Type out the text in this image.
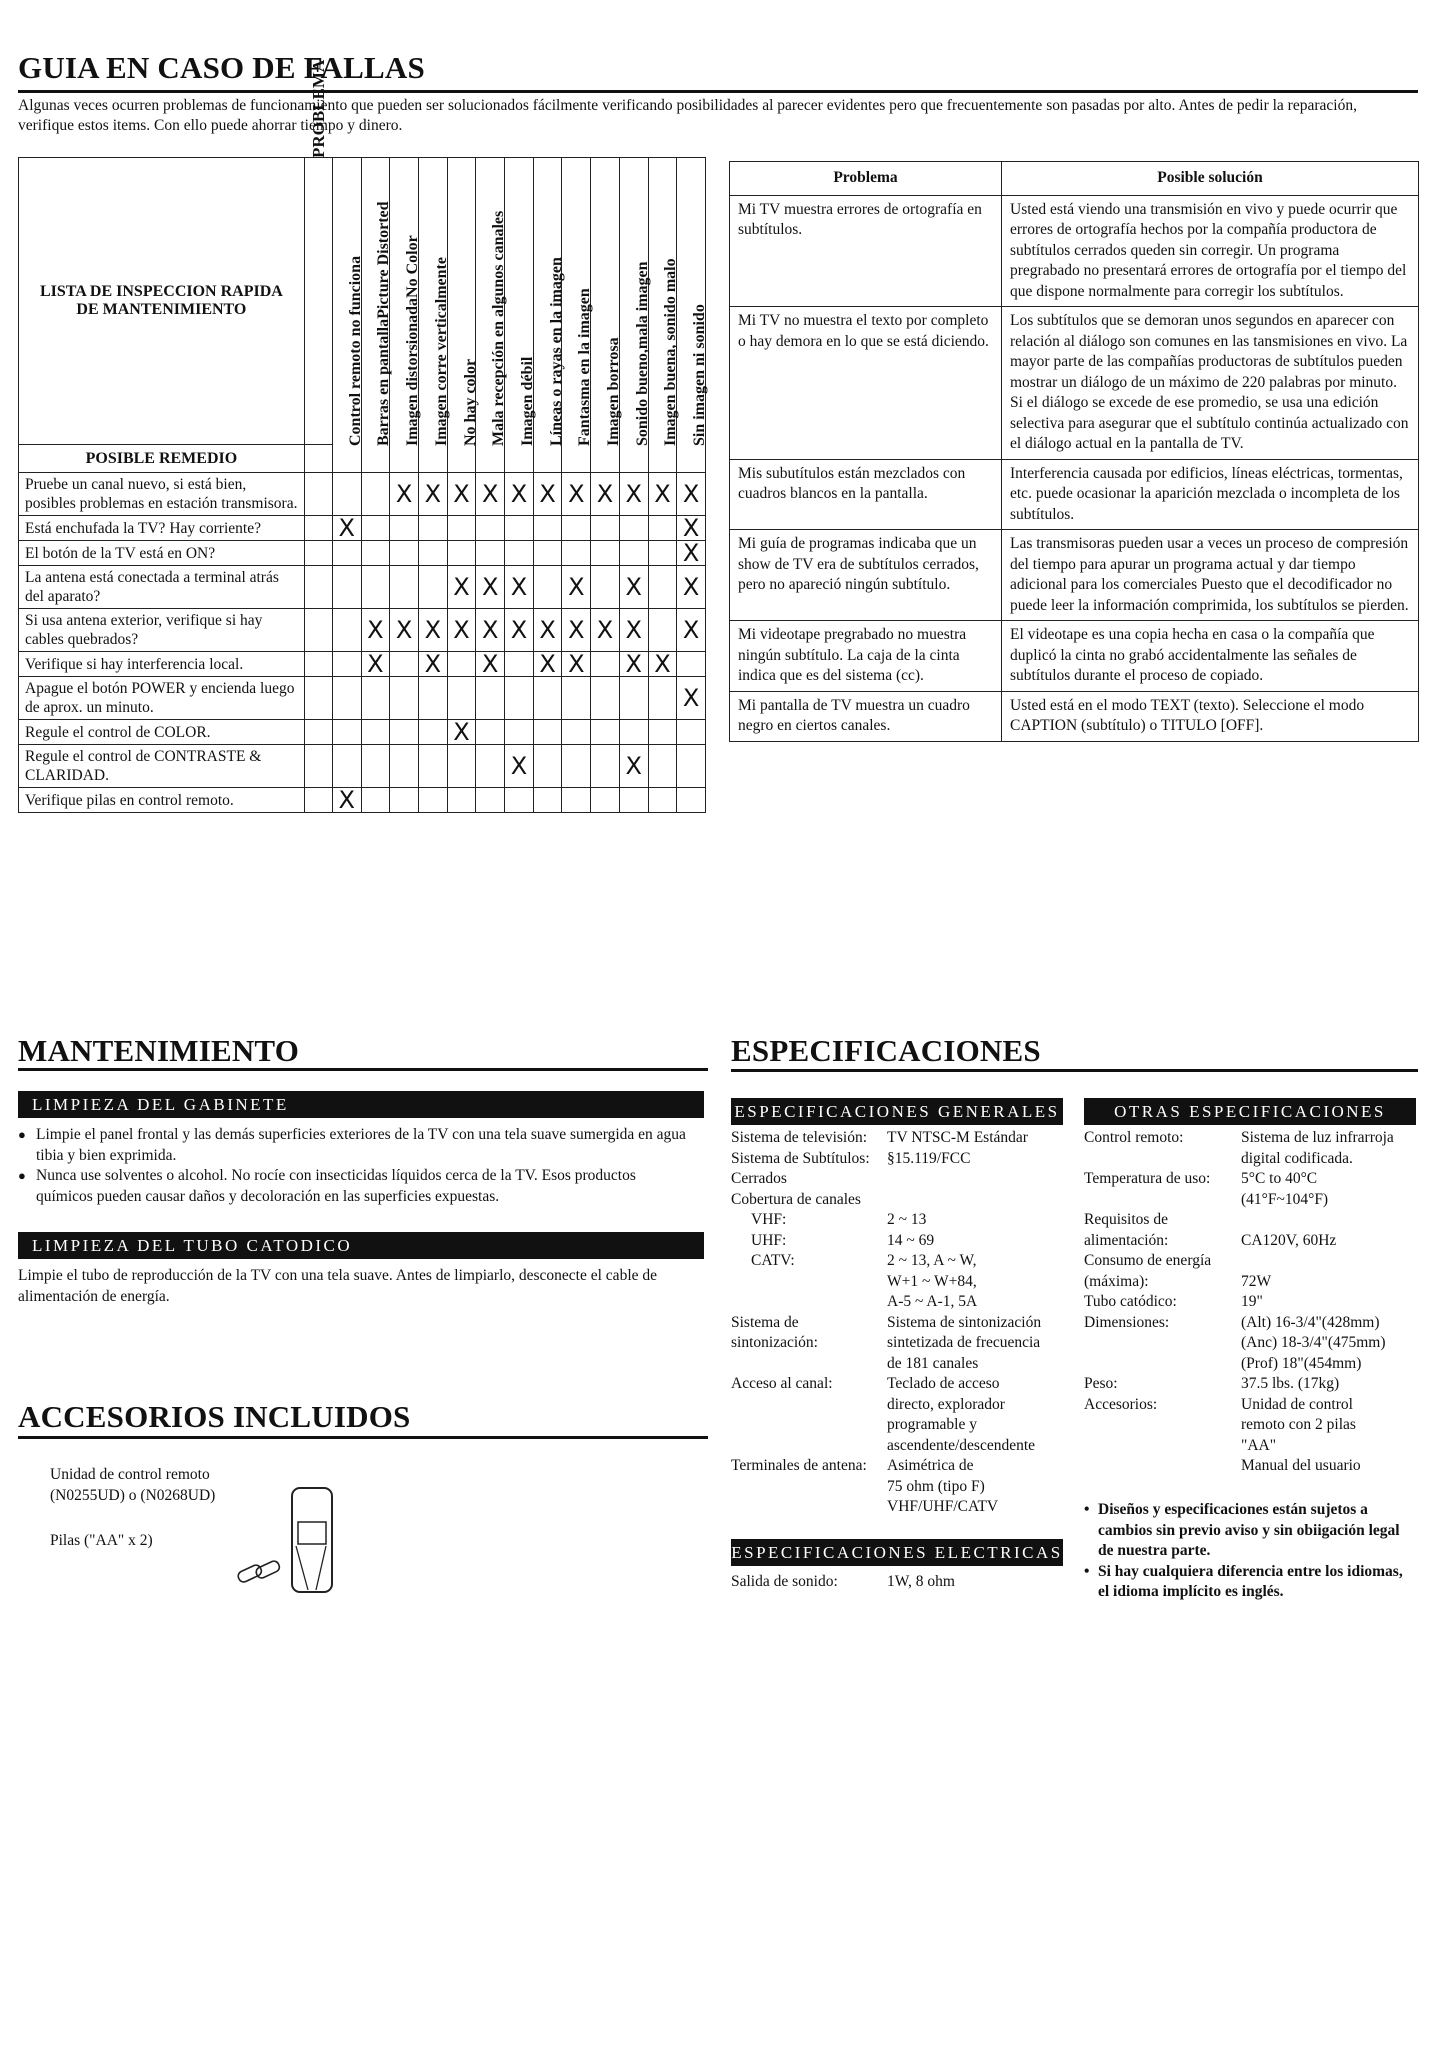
GUIA EN CASO DE FALLAS
Algunas veces ocurren problemas de funcionamiento que pueden ser solucionados fácilmente verificando posibilidades al parecer evidentes pero que frecuentemente son pasadas por alto. Antes de pedir la reparación, verifique estos items. Con ello puede ahorrar tiempo y dinero.
LISTA DE INSPECCION RAPIDA DE MANTENIMIENTO	PROBLEMA	Control remoto no funciona	Barras en pantallaPicture Distorted	Imagen distorsionadaNo Color	Imagen corre verticalmente	No hay color	Mala recepción en algunos canales	Imagen débil	Líneas o rayas en la imagen	Fantasma en la imagen	Imagen borrosa	Sonido bueno,mala imagen	Imagen buena, sonido malo	Sin imagen ni sonido

POSIBLE REMEDIO														
Pruebe un canal nuevo, si está bien, posibles problemas en estación transmisora.				X	X	X	X	X	X	X	X	X	X	X
Está enchufada la TV? Hay corriente?		X												X
El botón de la TV está en ON?														X
La antena está conectada a terminal atrás del aparato?						X	X	X		X		X		X
Si usa antena exterior, verifique si hay cables quebrados?			X	X	X	X	X	X	X	X	X	X		X
Verifique si hay interferencia local.			X		X		X		X	X		X	X	
Apague el botón POWER y encienda luego de aprox. un minuto.														X
Regule el control de COLOR.						X								
Regule el control de CONTRASTE & CLARIDAD.								X				X		
Verifique pilas en control remoto.		X												
Problema	Posible solución
Mi TV muestra errores de ortografía en subtítulos.	Usted está viendo una transmisión en vivo y puede ocurrir que errores de ortografía hechos por la compañía productora de subtítulos cerrados queden sin corregir. Un programa pregrabado no presentará errores de ortografía por el tiempo del que dispone normalmente para corregir los subtítulos.
Mi TV no muestra el texto por completo o hay demora en lo que se está diciendo.	Los subtítulos que se demoran unos segundos en aparecer con relación al diálogo son comunes en las tansmisiones en vivo. La mayor parte de las compañías productoras de subtítulos pueden mostrar un diálogo de un máximo de 220 palabras por minuto. Si el diálogo se excede de ese promedio, se usa una edición selectiva para asegurar que el subtítulo continúa actualizado con el diálogo actual en la pantalla de TV.
Mis subutítulos están mezclados con cuadros blancos en la pantalla.	Interferencia causada por edificios, líneas eléctricas, tormentas, etc. puede ocasionar la aparición mezclada o incompleta de los subtítulos.
Mi guía de programas indicaba que un show de TV era de subtítulos cerrados, pero no apareció ningún subtítulo.	Las transmisoras pueden usar a veces un proceso de compresión del tiempo para apurar un programa actual y dar tiempo adicional para los comerciales Puesto que el decodificador no puede leer la información comprimida, los subtítulos se pierden.
Mi videotape pregrabado no muestra ningún subtítulo. La caja de la cinta indica que es del sistema (cc).	El videotape es una copia hecha en casa o la compañía que duplicó la cinta no grabó accidentalmente las señales de subtítulos durante el proceso de copiado.
Mi pantalla de TV muestra un cuadro negro en ciertos canales.	Usted está en el modo TEXT (texto). Seleccione el modo CAPTION (subtítulo) o TITULO [OFF].
MANTENIMIENTO
LIMPIEZA DEL GABINETE
● Limpie el panel frontal y las demás superficies exteriores de la TV con una tela suave sumergida en agua tibia y bien exprimida.
● Nunca use solventes o alcohol. No rocíe con insecticidas líquidos cerca de la TV. Esos productos químicos pueden causar daños y decoloración en las superficies expuestas.
LIMPIEZA DEL TUBO CATODICO
Limpie el tubo de reproducción de la TV con una tela suave. Antes de limpiarlo, desconecte el cable de alimentación de energía.
ACCESORIOS INCLUIDOS
Unidad de control remoto
(N0255UD) o (N0268UD)
Pilas ("AA" x 2)
ESPECIFICACIONES
ESPECIFICACIONES GENERALES
Sistema de televisión:	TV NTSC-M Estándar
Sistema de Subtítulos:	§15.119/FCC
Cerrados	
Cobertura de canales	
VHF:	2 ~ 13
UHF:	14 ~ 69
CATV:	2 ~ 13, A ~ W,
W+1 ~ W+84,
A-5 ~ A-1, 5A
Sistema de
sintonización:	Sistema de sintonización
sintetizada de frecuencia
de 181 canales
Acceso al canal:	Teclado de acceso
directo, explorador
programable y
ascendente/descendente
Terminales de antena:	Asimétrica de
75 ohm (tipo F)
VHF/UHF/CATV
ESPECIFICACIONES ELECTRICAS
Salida de sonido:	1W, 8 ohm
OTRAS ESPECIFICACIONES
Control remoto:	Sistema de luz infrarroja
digital codificada.
Temperatura de uso:	5°C to 40°C
(41°F~104°F)
Requisitos de
alimentación:	
CA120V, 60Hz
Consumo de energía
(máxima):	
72W
Tubo catódico:	19"
Dimensiones:	(Alt) 16-3/4"(428mm)
(Anc) 18-3/4"(475mm)
(Prof) 18"(454mm)
Peso:	37.5 lbs. (17kg)
Accesorios:	Unidad de control
remoto con 2 pilas
"AA"
Manual del usuario
• Diseños y especificaciones están sujetos a cambios sin previo aviso y sin obiigación legal de nuestra parte.
• Si hay cualquiera diferencia entre los idiomas, el idioma implícito es inglés.
